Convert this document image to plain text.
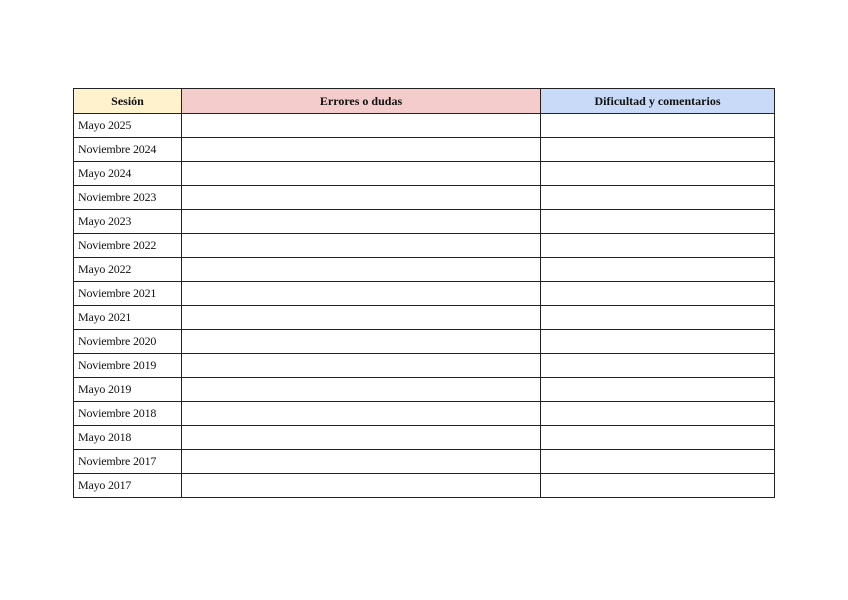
Sesión	Errores o dudas	Dificultad y comentarios
Mayo 2025		
Noviembre 2024		
Mayo 2024		
Noviembre 2023		
Mayo 2023		
Noviembre 2022		
Mayo 2022		
Noviembre 2021		
Mayo 2021		
Noviembre 2020		
Noviembre 2019		
Mayo 2019		
Noviembre 2018		
Mayo 2018		
Noviembre 2017		
Mayo 2017		
